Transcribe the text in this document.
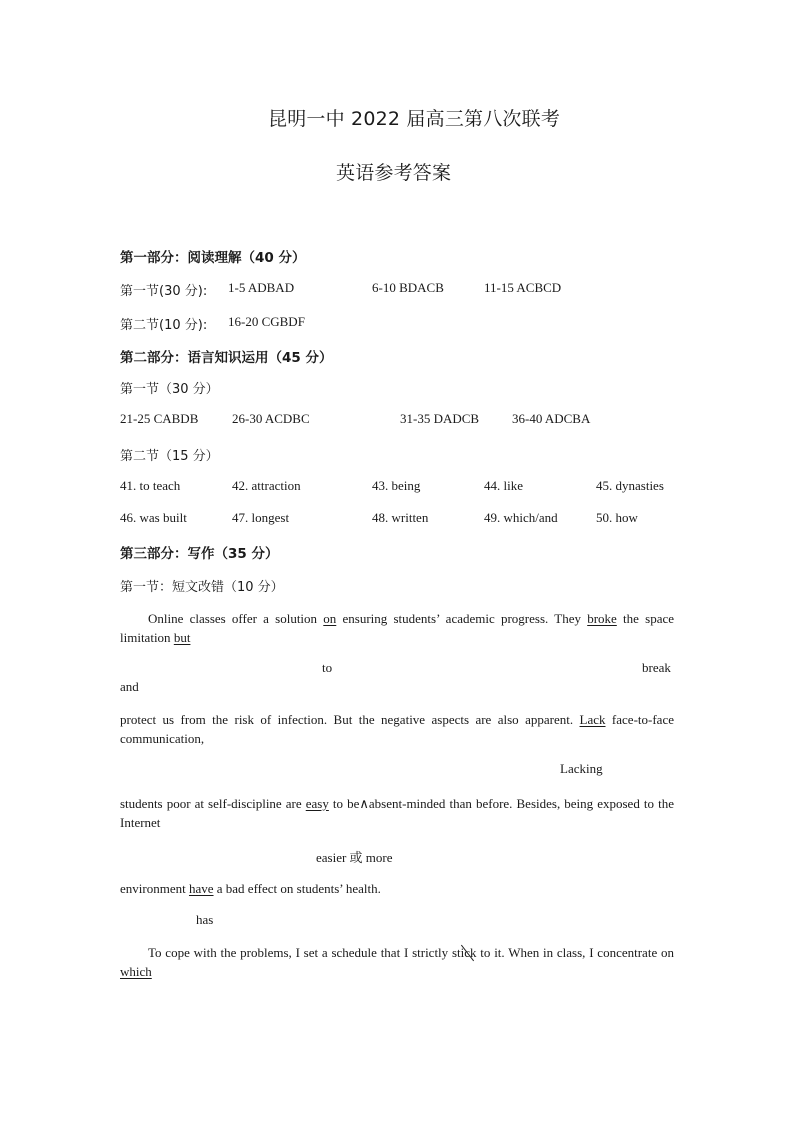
昆明一中 2022 届高三第八次联考
英语参考答案
第一部分：阅读理解（40 分）
第一节(30 分): 1-5 ADBAD	6-10 BDACB	11-15 ACBCD
第二节(10 分): 16-20 CGBDF
第二部分：语言知识运用（45 分）
第一节（30 分）
21-25 CABDB	26-30 ACDBC	31-35 DADCB	36-40 ADCBA
第二节（15 分）
41. to teach	42. attraction	43. being	44. like	45. dynasties
46. was built	47. longest	48. written	49. which/and	50. how
第三部分：写作（35 分）
第一节：短文改错（10 分）
Online classes offer a solution on ensuring students’ academic progress. They broke the space limitation but
to	break
and
protect us from the risk of infection. But the negative aspects are also apparent. Lack face-to-face communication,
Lacking
students poor at self-discipline are easy to be∧absent-minded than before. Besides, being exposed to the Internet
easier 或 more
environment have a bad effect on students’ health.
has
To cope with the problems, I set a schedule that I strictly sti
ck to it. When in class, I concentrate on which
